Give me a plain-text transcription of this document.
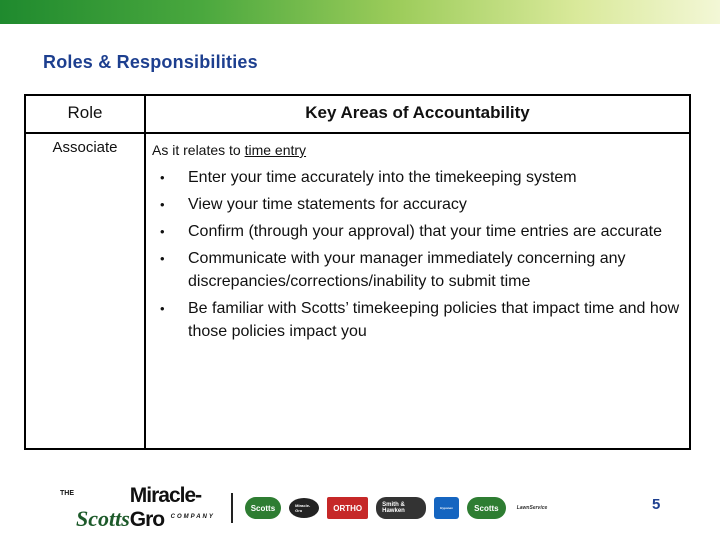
Roles & Responsibilities
Role	Key Areas of Accountability
Associate	As it relates to time entry
• Enter your time accurately into the timekeeping system
• View your time statements for accuracy
• Confirm (through your approval) that your time entries are accurate
• Communicate with your manager immediately concerning any discrepancies/corrections/inability to submit time
• Be familiar with Scotts’ timekeeping policies that impact time and how those policies impact you
THE
Scotts
Miracle-Gro	COMPANY
Scotts	Miracle-Gro	ORTHO	Smith & Hawken	Hyponex	Scotts	LawnService	5
